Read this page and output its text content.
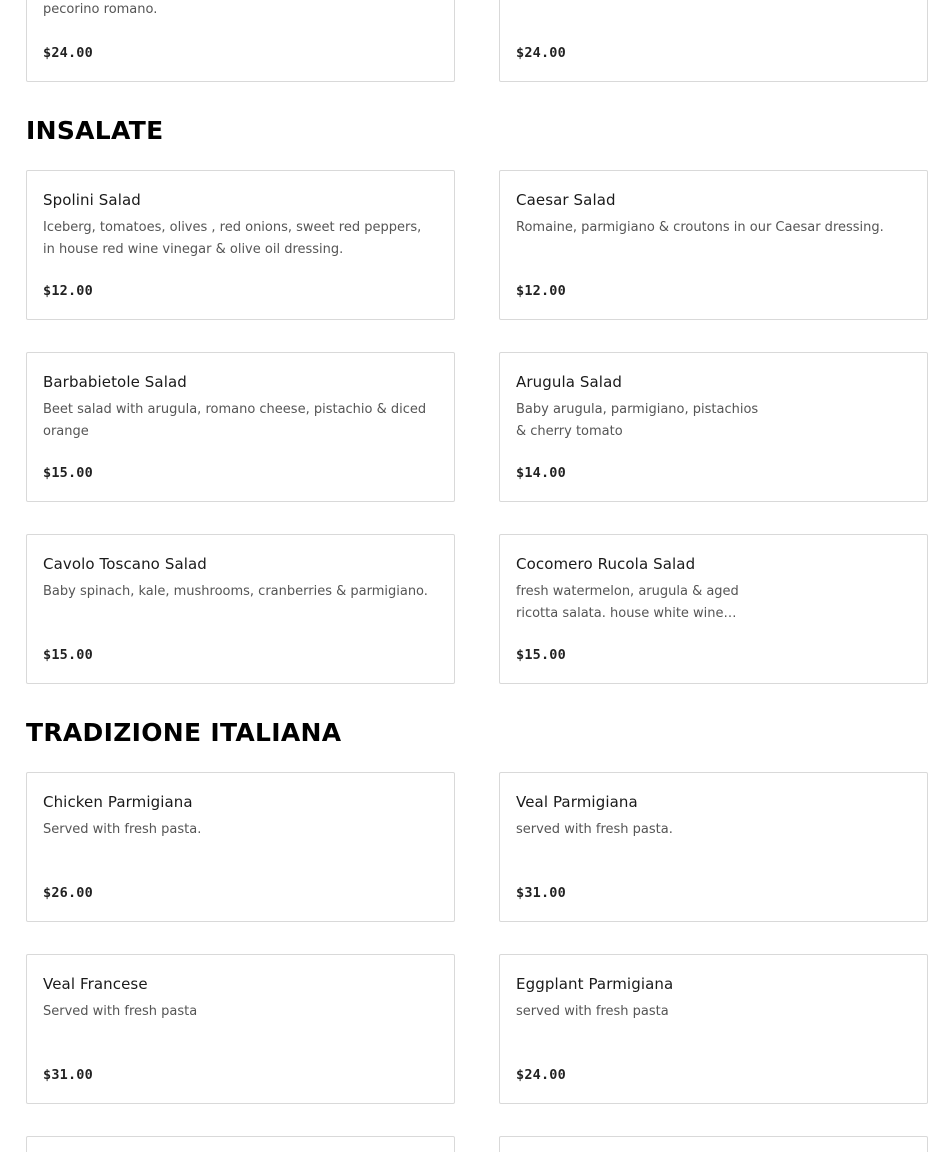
pecorino romano.
$24.00	$24.00
INSALATE
Spolini Salad
Iceberg, tomatoes, olives , red onions, sweet red peppers, in house red wine vinegar & olive oil dressing.
$12.00
Caesar Salad
Romaine, parmigiano & croutons in our Caesar dressing.
$12.00
Barbabietole Salad
Beet salad with arugula, romano cheese, pistachio & diced orange
$15.00
Arugula Salad
Baby arugula, parmigiano, pistachios & cherry tomato
$14.00
Cavolo Toscano Salad
Baby spinach, kale, mushrooms, cranberries & parmigiano.
$15.00
Cocomero Rucola Salad
fresh watermelon, arugula & aged ricotta salata. house white wine…
$15.00
TRADIZIONE ITALIANA
Chicken Parmigiana
Served with fresh pasta.
$26.00
Veal Parmigiana
served with fresh pasta.
$31.00
Veal Francese
Served with fresh pasta
$31.00
Eggplant Parmigiana
served with fresh pasta
$24.00
